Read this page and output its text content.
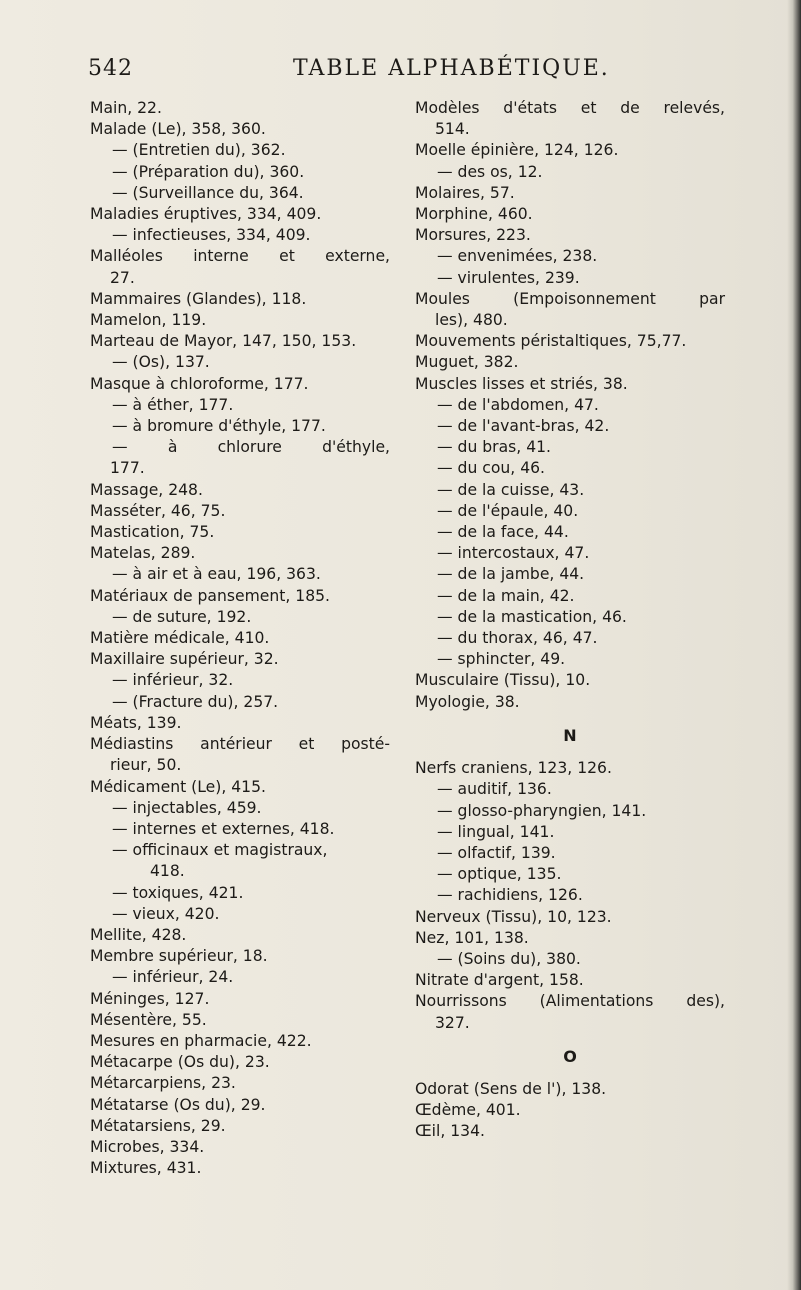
542	TABLE ALPHABÉTIQUE.
Main, 22.
Malade (Le), 358, 360.
— (Entretien du), 362.
— (Préparation du), 360.
— (Surveillance du, 364.
Maladies éruptives, 334, 409.
— infectieuses, 334, 409.
Malléoles interne et externe,
27.
Mammaires (Glandes), 118.
Mamelon, 119.
Marteau de Mayor, 147, 150, 153.
— (Os), 137.
Masque à chloroforme, 177.
— à éther, 177.
— à bromure d'éthyle, 177.
— à chlorure d'éthyle,
177.
Massage, 248.
Masséter, 46, 75.
Mastication, 75.
Matelas, 289.
— à air et à eau, 196, 363.
Matériaux de pansement, 185.
— de suture, 192.
Matière médicale, 410.
Maxillaire supérieur, 32.
— inférieur, 32.
— (Fracture du), 257.
Méats, 139.
Médiastins antérieur et posté-
rieur, 50.
Médicament (Le), 415.
— injectables, 459.
— internes et externes, 418.
— officinaux et magistraux,
418.
— toxiques, 421.
— vieux, 420.
Mellite, 428.
Membre supérieur, 18.
— inférieur, 24.
Méninges, 127.
Mésentère, 55.
Mesures en pharmacie, 422.
Métacarpe (Os du), 23.
Métarcarpiens, 23.
Métatarse (Os du), 29.
Métatarsiens, 29.
Microbes, 334.
Mixtures, 431.
Modèles d'états et de relevés,
514.
Moelle épinière, 124, 126.
— des os, 12.
Molaires, 57.
Morphine, 460.
Morsures, 223.
— envenimées, 238.
— virulentes, 239.
Moules (Empoisonnement par
les), 480.
Mouvements péristaltiques, 75,77.
Muguet, 382.
Muscles lisses et striés, 38.
— de l'abdomen, 47.
— de l'avant-bras, 42.
— du bras, 41.
— du cou, 46.
— de la cuisse, 43.
— de l'épaule, 40.
— de la face, 44.
— intercostaux, 47.
— de la jambe, 44.
— de la main, 42.
— de la mastication, 46.
— du thorax, 46, 47.
— sphincter, 49.
Musculaire (Tissu), 10.
Myologie, 38.
N
Nerfs craniens, 123, 126.
— auditif, 136.
— glosso-pharyngien, 141.
— lingual, 141.
— olfactif, 139.
— optique, 135.
— rachidiens, 126.
Nerveux (Tissu), 10, 123.
Nez, 101, 138.
— (Soins du), 380.
Nitrate d'argent, 158.
Nourrissons (Alimentations des),
327.
O
Odorat (Sens de l'), 138.
Œdème, 401.
Œil, 134.
